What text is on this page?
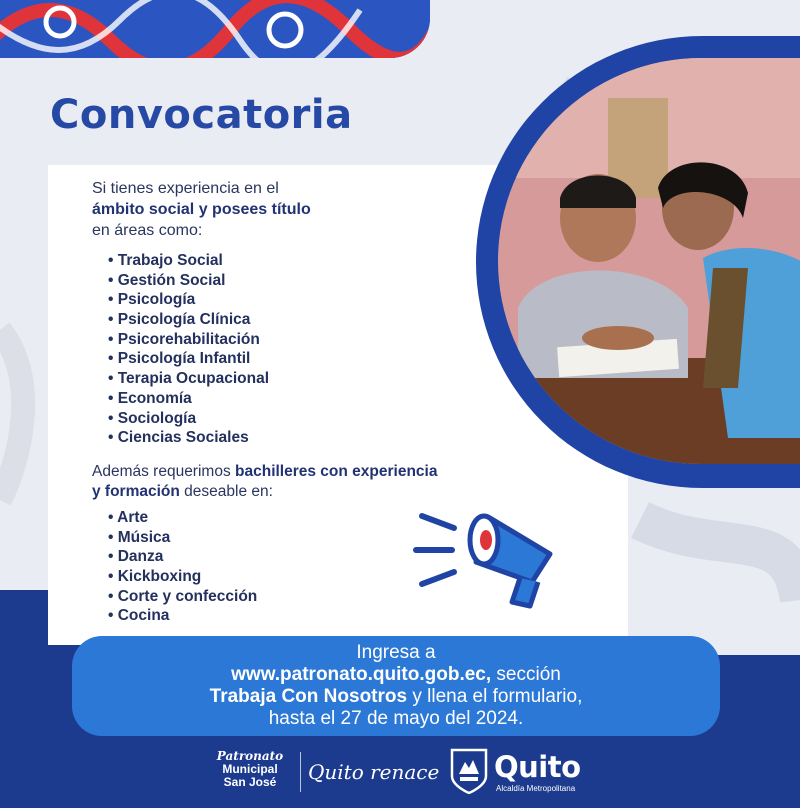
Convocatoria

Si tienes experiencia en el
ámbito social y posees título
en áreas como:

• Trabajo Social
• Gestión Social
• Psicología
• Psicología Clínica
• Psicorehabilitación
• Psicología Infantil
• Terapia Ocupacional
• Economía
• Sociología
• Ciencias Sociales

Además requerimos bachilleres con experiencia
y formación deseable en:

• Arte
• Música
• Danza
• Kickboxing
• Corte y confección
• Cocina
Ingresa a
www.patronato.quito.gob.ec, sección
Trabaja Con Nosotros y llena el formulario,
hasta el 27 de mayo del 2024.
Patronato
Municipal
San José	Quito renace Quito
Alcaldía Metropolitana
